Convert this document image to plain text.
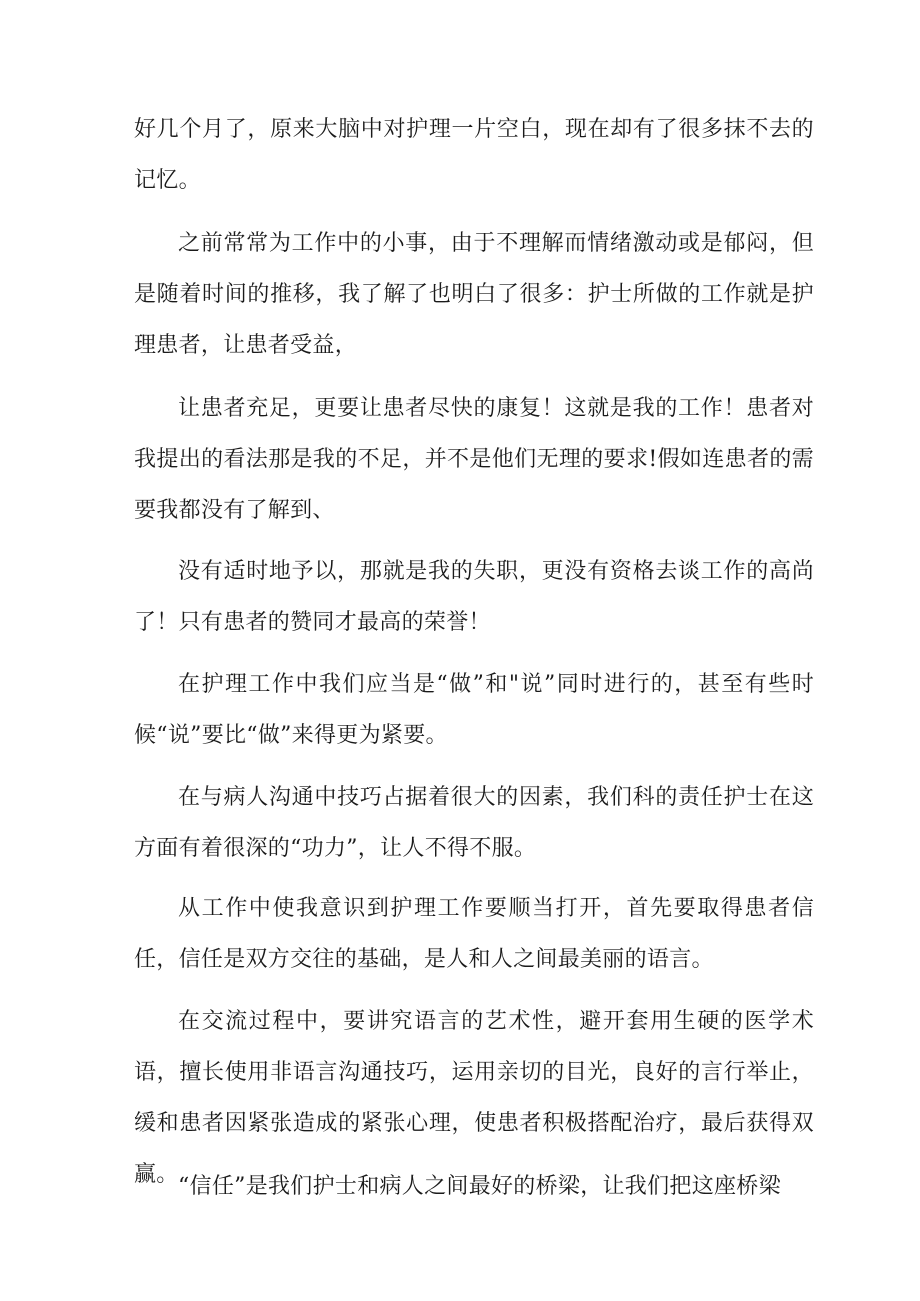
好几个月了，原来大脑中对护理一片空白，现在却有了很多抹不去的记忆。

之前常常为工作中的小事，由于不理解而情绪激动或是郁闷，但是随着时间的推移，我了解了也明白了很多：护士所做的工作就是护理患者，让患者受益，

让患者充足，更要让患者尽快的康复！这就是我的工作！患者对我提出的看法那是我的不足，并不是他们无理的要求!假如连患者的需要我都没有了解到、

没有适时地予以，那就是我的失职，更没有资格去谈工作的高尚了！只有患者的赞同才最高的荣誉！

在护理工作中我们应当是“做”和"说”同时进行的，甚至有些时候“说”要比“做”来得更为紧要。

在与病人沟通中技巧占据着很大的因素，我们科的责任护士在这方面有着很深的“功力”，让人不得不服。

从工作中使我意识到护理工作要顺当打开，首先要取得患者信任，信任是双方交往的基础，是人和人之间最美丽的语言。

在交流过程中，要讲究语言的艺术性，避开套用生硬的医学术语，擅长使用非语言沟通技巧，运用亲切的目光，良好的言行举止，缓和患者因紧张造成的紧张心理，使患者积极搭配治疗，最后获得双赢。 “信任”是我们护士和病人之间最好的桥梁，让我们把这座桥梁
